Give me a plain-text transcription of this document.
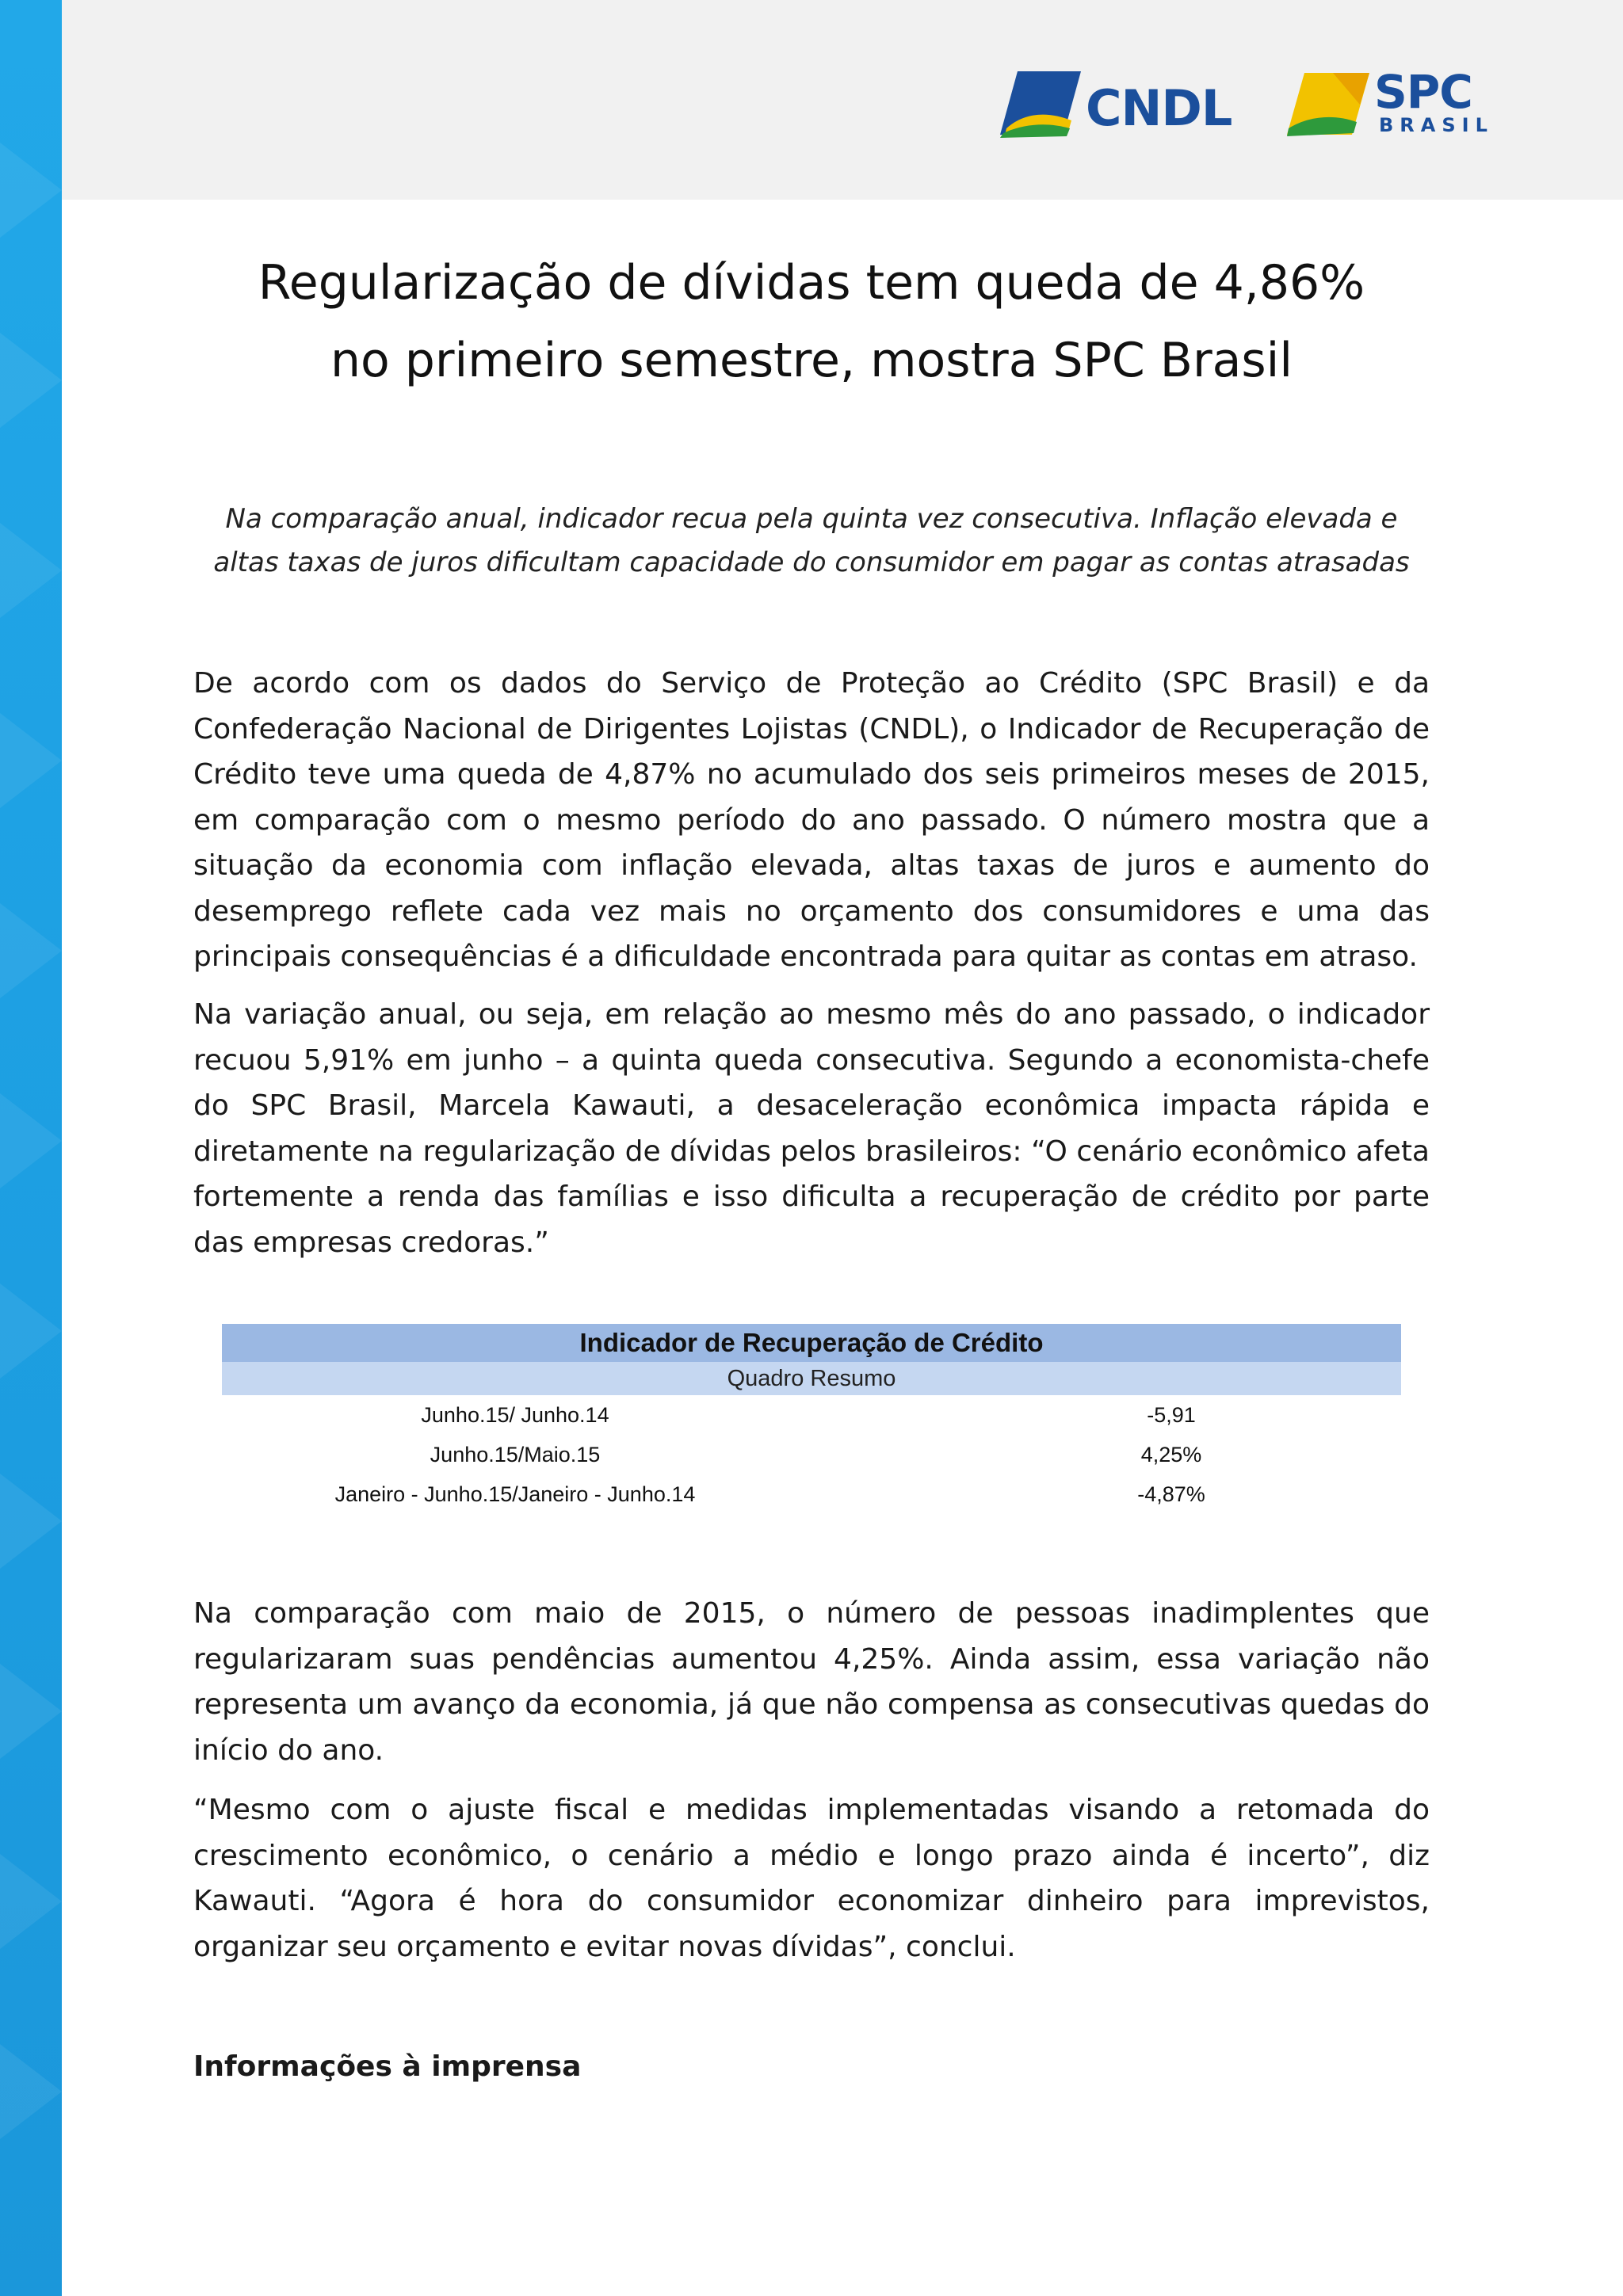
CNDL	SPC
BRASIL
Regularização de dívidas tem queda de 4,86%
no primeiro semestre, mostra SPC Brasil
Na comparação anual, indicador recua pela quinta vez consecutiva. Inflação elevada e
altas taxas de juros dificultam capacidade do consumidor em pagar as contas atrasadas

De acordo com os dados do Serviço de Proteção ao Crédito (SPC Brasil) e da Confederação Nacional de Dirigentes Lojistas (CNDL), o Indicador de Recuperação de Crédito teve uma queda de 4,87% no acumulado dos seis primeiros meses de 2015, em comparação com o mesmo período do ano passado. O número mostra que a situação da economia com inflação elevada, altas taxas de juros e aumento do desemprego reflete cada vez mais no orçamento dos consumidores e uma das principais consequências é a dificuldade encontrada para quitar as contas em atraso.

Na variação anual, ou seja, em relação ao mesmo mês do ano passado, o indicador recuou 5,91% em junho – a quinta queda consecutiva. Segundo a economista-chefe do SPC Brasil, Marcela Kawauti, a desaceleração econômica impacta rápida e diretamente na regularização de dívidas pelos brasileiros: “O cenário econômico afeta fortemente a renda das famílias e isso dificulta a recuperação de crédito por parte das empresas credoras.”

Indicador de Recuperação de Crédito
Quadro Resumo
Junho.15/ Junho.14	-5,91
Junho.15/Maio.15	4,25%
Janeiro - Junho.15/Janeiro - Junho.14	-4,87%

Na comparação com maio de 2015, o número de pessoas inadimplentes que regularizaram suas pendências aumentou 4,25%. Ainda assim, essa variação não representa um avanço da economia, já que não compensa as consecutivas quedas do início do ano.

“Mesmo com o ajuste fiscal e medidas implementadas visando a retomada do crescimento econômico, o cenário a médio e longo prazo ainda é incerto”, diz Kawauti. “Agora é hora do consumidor economizar dinheiro para imprevistos, organizar seu orçamento e evitar novas dívidas”, conclui.

Informações à imprensa
